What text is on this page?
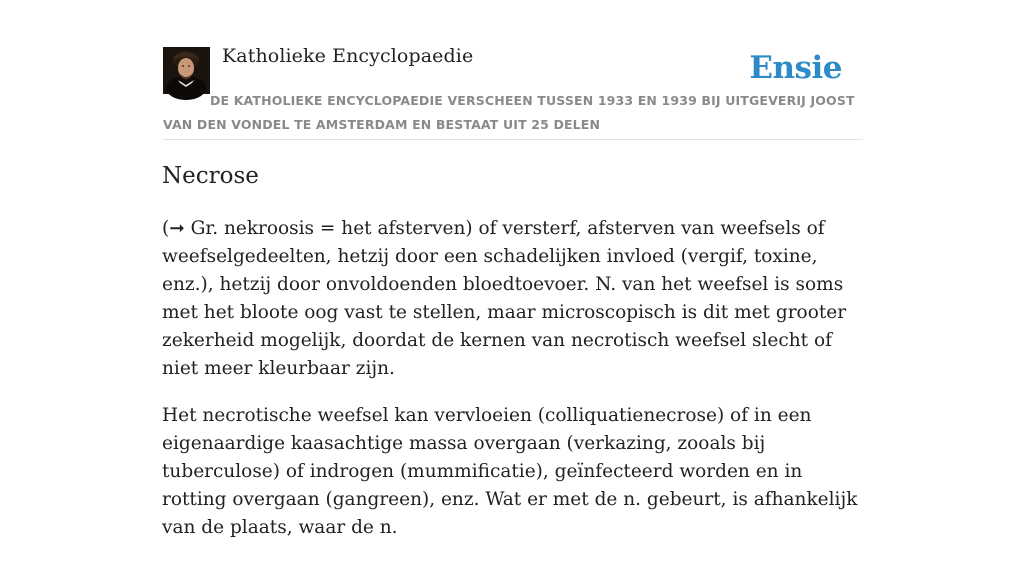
Katholieke Encyclopaedie	Ensie
DE KATHOLIEKE ENCYCLOPAEDIE VERSCHEEN TUSSEN 1933 EN 1939 BIJ UITGEVERIJ JOOST VAN DEN VONDEL TE AMSTERDAM EN BESTAAT UIT 25 DELEN
Necrose

(➞ Gr. nekroosis = het afsterven) of versterf, afsterven van weefsels of weefselgedeelten, hetzij door een schadelijken invloed (vergif, toxine, enz.), hetzij door onvoldoenden bloedtoevoer. N. van het weefsel is soms met het bloote oog vast te stellen, maar microscopisch is dit met grooter zekerheid mogelijk, doordat de kernen van necrotisch weefsel slecht of niet meer kleurbaar zijn.

Het necrotische weefsel kan vervloeien (colliquatienecrose) of in een eigenaardige kaasachtige massa overgaan (verkazing, zooals bij tuberculose) of indrogen (mummificatie), geïnfecteerd worden en in rotting overgaan (gangreen), enz. Wat er met de n. gebeurt, is afhankelijk van de plaats, waar de n.
